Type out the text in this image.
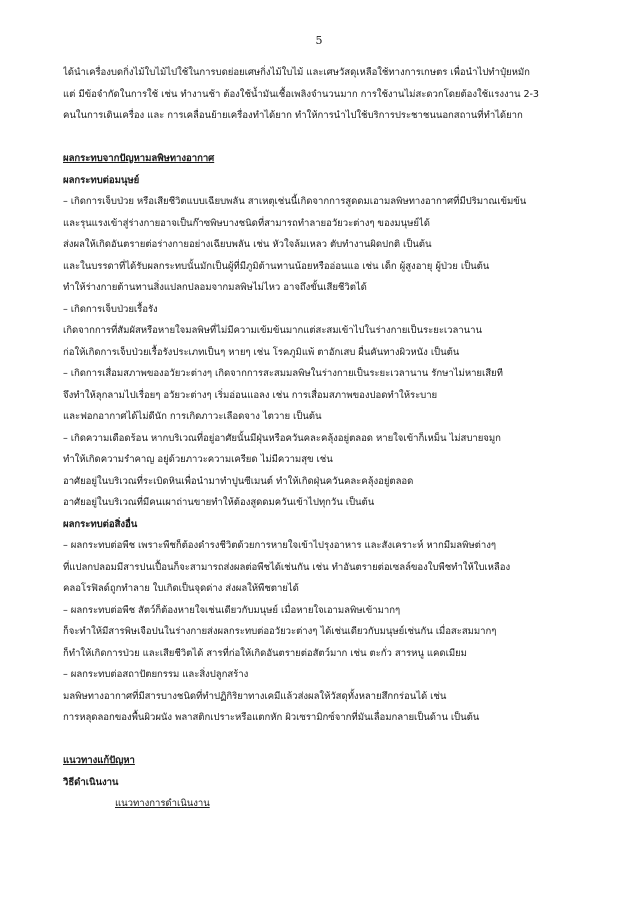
5
ได้นำเครื่องบดกิ่งไม้ใบไม้ไปใช้ในการบดย่อยเศษกิ่งไม้ใบไม้ และเศษวัสดุเหลือใช้ทางการเกษตร เพื่อนำไปทำปุ๋ยหมัก
แต่ มีข้อจำกัดในการใช้ เช่น ทำงานช้า ต้องใช้น้ำมันเชื้อเพลิงจำนวนมาก การใช้งานไม่สะดวกโดยต้องใช้แรงงาน 2-3
คนในการเดินเครื่อง และ การเคลื่อนย้ายเครื่องทำได้ยาก ทำให้การนำไปใช้บริการประชาชนนอกสถานที่ทำได้ยาก
ผลกระทบจากปัญหามลพิษทางอากาศ
ผลกระทบต่อมนุษย์
– เกิดการเจ็บป่วย หรือเสียชีวิตแบบเฉียบพลัน สาเหตุเช่นนี้เกิดจากการสูดดมเอามลพิษทางอากาศที่มีปริมาณเข้มข้น
และรุนแรงเข้าสู่ร่างกายอาจเป็นก๊าซพิษบางชนิดที่สามารถทำลายอวัยวะต่างๆ ของมนุษย์ได้
ส่งผลให้เกิดอันตรายต่อร่างกายอย่างเฉียบพลัน เช่น หัวใจล้มเหลว ตับทำงานผิดปกติ เป็นต้น
และในบรรดาที่ได้รับผลกระทบนั้นมักเป็นผู้ที่มีภูมิต้านทานน้อยหรืออ่อนแอ เช่น เด็ก ผู้สูงอายุ ผู้ป่วย เป็นต้น
ทำให้ร่างกายต้านทานสิ่งแปลกปลอมจากมลพิษไม่ไหว อาจถึงขั้นเสียชีวิตได้
– เกิดการเจ็บป่วยเรื้อรัง
เกิดจากการที่สัมผัสหรือหายใจมลพิษที่ไม่มีความเข้มข้นมากแต่สะสมเข้าไปในร่างกายเป็นระยะเวลานาน
ก่อให้เกิดการเจ็บป่วยเรื้อรังประเภทเป็นๆ หายๆ เช่น โรคภูมิแพ้ ตาอักเสบ ผื่นคันทางผิวหนัง เป็นต้น
– เกิดการเสื่อมสภาพของอวัยวะต่างๆ เกิดจากการสะสมมลพิษในร่างกายเป็นระยะเวลานาน รักษาไม่หายเสียที
จึงทำให้ลุกลามไปเรื่อยๆ อวัยวะต่างๆ เริ่มอ่อนแอลง เช่น การเสื่อมสภาพของปอดทำให้ระบาย
และฟอกอากาศได้ไม่ดีนัก การเกิดภาวะเลือดจาง ไตวาย เป็นต้น
– เกิดความเดือดร้อน หากบริเวณที่อยู่อาศัยนั้นมีฝุ่นหรือควันคละคลุ้งอยู่ตลอด หายใจเข้าก็เหม็น ไม่สบายจมูก
ทำให้เกิดความรำคาญ อยู่ด้วยภาวะความเครียด ไม่มีความสุข เช่น
อาศัยอยู่ในบริเวณที่ระเบิดหินเพื่อนำมาทำปูนซีเมนต์ ทำให้เกิดฝุ่นควันคละคลุ้งอยู่ตลอด
อาศัยอยู่ในบริเวณที่มีคนเผาถ่านขายทำให้ต้องสูดดมควันเข้าไปทุกวัน เป็นต้น
ผลกระทบต่อสิ่งอื่น
– ผลกระทบต่อพืช เพราะพืชก็ต้องดำรงชีวิตด้วยการหายใจเข้าไปรุงอาหาร และสังเคราะห์ หากมีมลพิษต่างๆ
ที่แปลกปลอมมีสารปนเปื้อนก็จะสามารถส่งผลต่อพืชได้เช่นกัน เช่น ทำอันตรายต่อเซลล์ของใบพืชทำให้ใบเหลือง
คลอโรฟิลด์ถูกทำลาย ใบเกิดเป็นจุดด่าง ส่งผลให้พืชตายได้
– ผลกระทบต่อพืช สัตว์ก็ต้องหายใจเช่นเดียวกับมนุษย์ เมื่อหายใจเอามลพิษเข้ามากๆ
ก็จะทำให้มีสารพิษเจือปนในร่างกายส่งผลกระทบต่ออวัยวะต่างๆ ได้เช่นเดียวกับมนุษย์เช่นกัน เมื่อสะสมมากๆ
ก็ทำให้เกิดการป่วย และเสียชีวิตได้ สารที่ก่อให้เกิดอันตรายต่อสัตว์มาก เช่น ตะกั่ว สารหนู แคดเมียม
– ผลกระทบต่อสถาปัตยกรรม และสิ่งปลูกสร้าง
มลพิษทางอากาศที่มีสารบางชนิดที่ทำปฏิกิริยาทางเคมีแล้วส่งผลให้วัสดุทั้งหลายสึกกร่อนได้ เช่น
การหลุดลอกของพื้นผิวผนัง พลาสติกเปราะหรือแตกหัก ผิวเซรามิกซ์จากที่มันเลื่อมกลายเป็นด้าน เป็นต้น
แนวทางแก้ปัญหา
วิธีดำเนินงาน
แนวทางการดำเนินงาน
